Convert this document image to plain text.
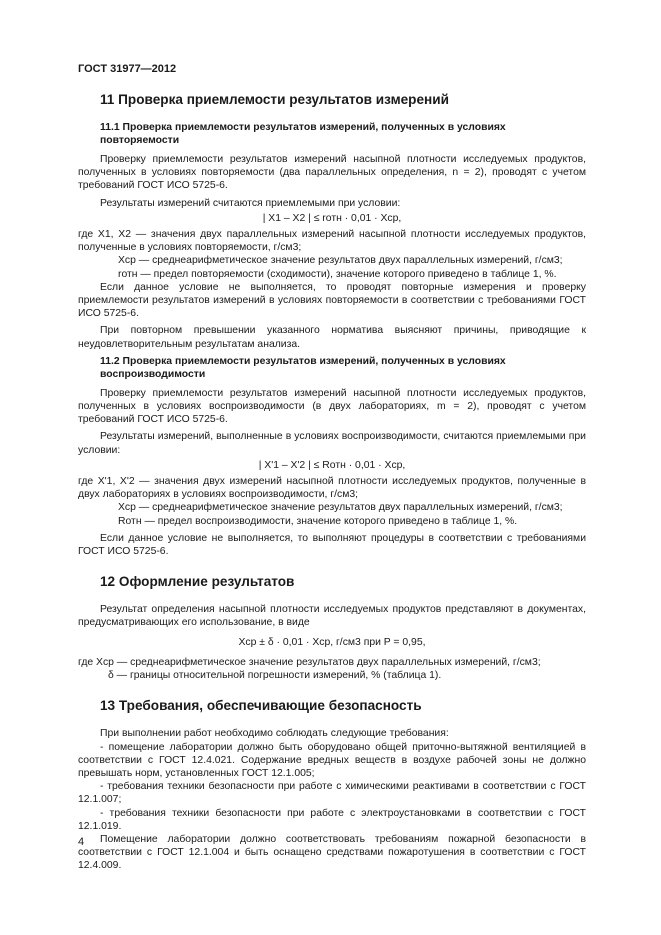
ГОСТ 31977—2012
11 Проверка приемлемости результатов измерений
11.1 Проверка приемлемости результатов измерений, полученных в условиях повторяемости

Проверку приемлемости результатов измерений насыпной плотности исследуемых продуктов, полученных в условиях повторяемости (два параллельных определения, n = 2), проводят с учетом требований ГОСТ ИСО 5725-6.

Результаты измерений считаются приемлемыми при условии:

| X1 – X2 | ≤ rотн · 0,01 · Xср,

где X1, X2 — значения двух параллельных измерений насыпной плотности исследуемых продуктов, полученные в условиях повторяемости, г/см3;

Xср — среднеарифметическое значение результатов двух параллельных измерений, г/см3;

rотн — предел повторяемости (сходимости), значение которого приведено в таблице 1, %.

Если данное условие не выполняется, то проводят повторные измерения и проверку приемлемости результатов измерений в условиях повторяемости в соответствии с требованиями ГОСТ ИСО 5725-6.

При повторном превышении указанного норматива выясняют причины, приводящие к неудовлетворительным результатам анализа.

11.2 Проверка приемлемости результатов измерений, полученных в условиях воспроизводимости

Проверку приемлемости результатов измерений насыпной плотности исследуемых продуктов, полученных в условиях воспроизводимости (в двух лабораториях, m = 2), проводят с учетом требований ГОСТ ИСО 5725-6.

Результаты измерений, выполненные в условиях воспроизводимости, считаются приемлемыми при условии:

| X'1 – X'2 | ≤ Rотн · 0,01 · Xср,

где X'1, X'2 — значения двух измерений насыпной плотности исследуемых продуктов, полученные в двух лабораториях в условиях воспроизводимости, г/см3;

Xср — среднеарифметическое значение результатов двух параллельных измерений, г/см3;

Rотн — предел воспроизводимости, значение которого приведено в таблице 1, %.

Если данное условие не выполняется, то выполняют процедуры в соответствии с требованиями ГОСТ ИСО 5725-6.

12 Оформление результатов

Результат определения насыпной плотности исследуемых продуктов представляют в документах, предусматривающих его использование, в виде

Xср ± δ · 0,01 · Xср, г/см3 при P = 0,95,

где Xср — среднеарифметическое значение результатов двух параллельных измерений, г/см3;

δ — границы относительной погрешности измерений, % (таблица 1).

13 Требования, обеспечивающие безопасность

При выполнении работ необходимо соблюдать следующие требования:

- помещение лаборатории должно быть оборудовано общей приточно-вытяжной вентиляцией в соответствии с ГОСТ 12.4.021. Содержание вредных веществ в воздухе рабочей зоны не должно превышать норм, установленных ГОСТ 12.1.005;

- требования техники безопасности при работе с химическими реактивами в соответствии с ГОСТ 12.1.007;

- требования техники безопасности при работе с электроустановками в соответствии с ГОСТ 12.1.019.

Помещение лаборатории должно соответствовать требованиям пожарной безопасности в соответствии с ГОСТ 12.1.004 и быть оснащено средствами пожаротушения в соответствии с ГОСТ 12.4.009.

4
